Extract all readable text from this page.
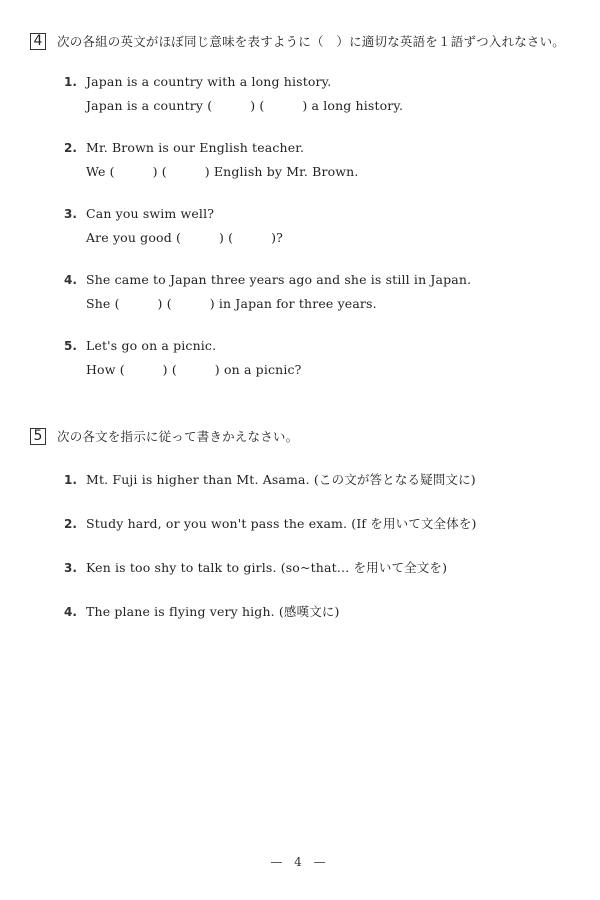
4 次の各組の英文がほぼ同じ意味を表すように（　）に適切な英語を１語ずつ入れなさい。
1. Japan is a country with a long history.
Japan is a country (　　　) (　　　) a long history.
2. Mr. Brown is our English teacher.
We (　　　) (　　　) English by Mr. Brown.
3. Can you swim well?
Are you good (　　　) (　　　)?
4. She came to Japan three years ago and she is still in Japan.
She (　　　) (　　　) in Japan for three years.
5. Let's go on a picnic.
How (　　　) (　　　) on a picnic?
5 次の各文を指示に従って書きかえなさい。
1. Mt. Fuji is higher than Mt. Asama. (この文が答となる疑問文に)
2. Study hard, or you won't pass the exam. (If を用いて文全体を)
3. Ken is too shy to talk to girls. (so~that… を用いて全文を)
4. The plane is flying very high. (感嘆文に)
— 4 —
